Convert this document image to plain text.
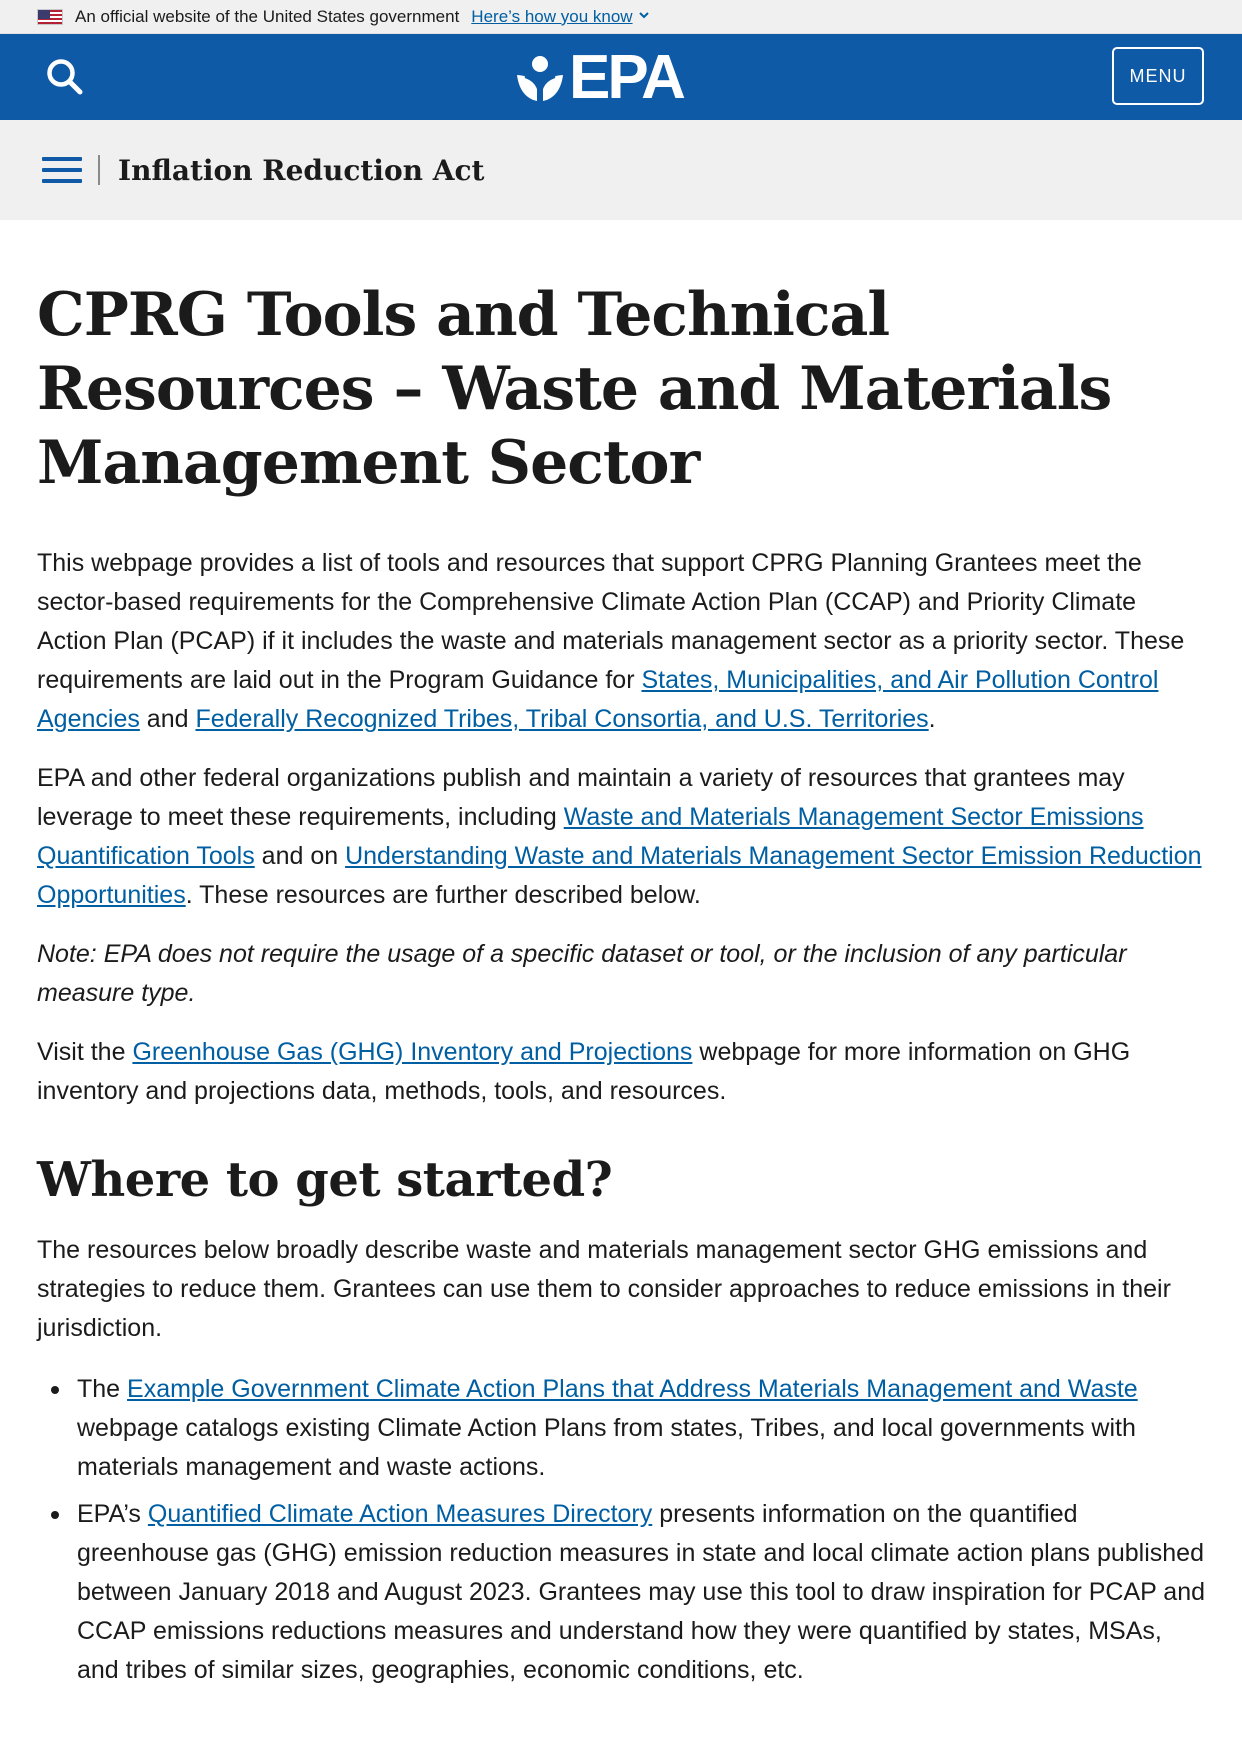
An official website of the United States government Here’s how you know
EPA	MENU
Inflation Reduction Act
CPRG Tools and Technical Resources – Waste and Materials Management Sector

This webpage provides a list of tools and resources that support CPRG Planning Grantees meet the sector-based requirements for the Comprehensive Climate Action Plan (CCAP) and Priority Climate Action Plan (PCAP) if it includes the waste and materials management sector as a priority sector. These requirements are laid out in the Program Guidance for States, Municipalities, and Air Pollution Control Agencies and Federally Recognized Tribes, Tribal Consortia, and U.S. Territories.

EPA and other federal organizations publish and maintain a variety of resources that grantees may leverage to meet these requirements, including Waste and Materials Management Sector Emissions Quantification Tools and on Understanding Waste and Materials Management Sector Emission Reduction Opportunities. These resources are further described below.

Note: EPA does not require the usage of a specific dataset or tool, or the inclusion of any particular measure type.

Visit the Greenhouse Gas (GHG) Inventory and Projections webpage for more information on GHG inventory and projections data, methods, tools, and resources.

Where to get started?

The resources below broadly describe waste and materials management sector GHG emissions and strategies to reduce them. Grantees can use them to consider approaches to reduce emissions in their jurisdiction.

The Example Government Climate Action Plans that Address Materials Management and Waste webpage catalogs existing Climate Action Plans from states, Tribes, and local governments with materials management and waste actions.
EPA’s Quantified Climate Action Measures Directory presents information on the quantified greenhouse gas (GHG) emission reduction measures in state and local climate action plans published between January 2018 and August 2023. Grantees may use this tool to draw inspiration for PCAP and CCAP emissions reductions measures and understand how they were quantified by states, MSAs, and tribes of similar sizes, geographies, economic conditions, etc.
